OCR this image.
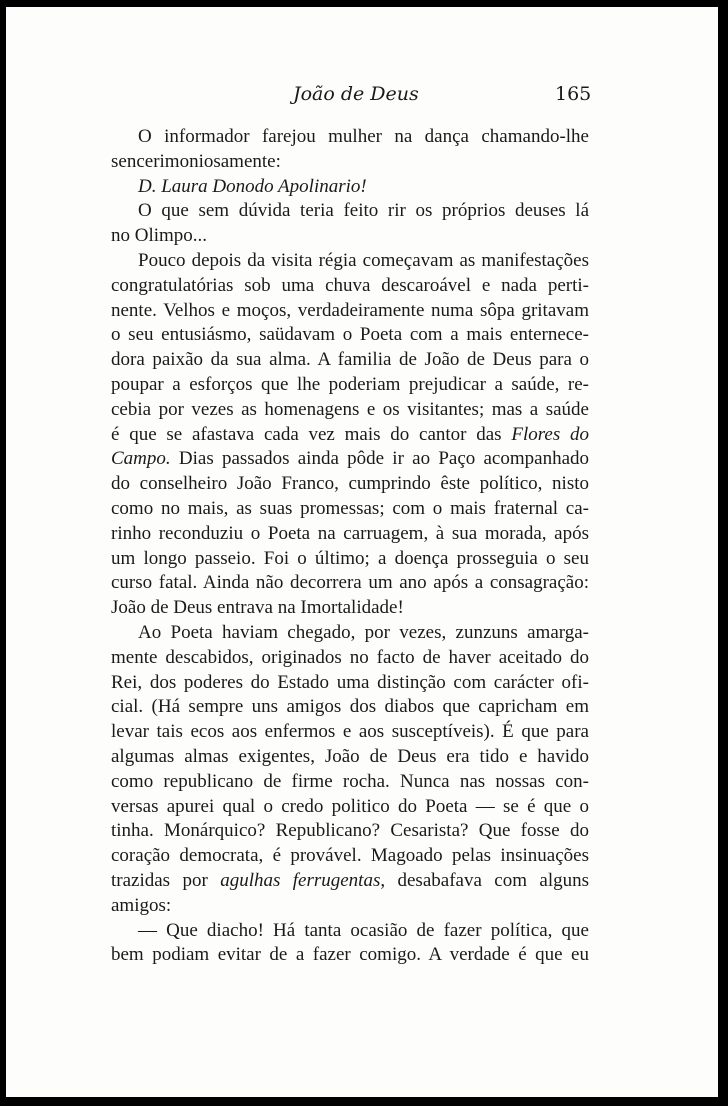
João de Deus	165
O informador farejou mulher na dança chamando-lhe
sencerimoniosamente:
D. Laura Donodo Apolinario!
O que sem dúvida teria feito rir os próprios deuses lá
no Olimpo...
Pouco depois da visita régia começavam as manifestações
congratulatórias sob uma chuva descaroável e nada perti-
nente. Velhos e moços, verdadeiramente numa sôpa gritavam
o seu entusiásmo, saüdavam o Poeta com a mais enternece-
dora paixão da sua alma. A familia de João de Deus para o
poupar a esforços que lhe poderiam prejudicar a saúde, re-
cebia por vezes as homenagens e os visitantes; mas a saúde
é que se afastava cada vez mais do cantor das Flores do
Campo. Dias passados ainda pôde ir ao Paço acompanhado
do conselheiro João Franco, cumprindo êste político, nisto
como no mais, as suas promessas; com o mais fraternal ca-
rinho reconduziu o Poeta na carruagem, à sua morada, após
um longo passeio. Foi o último; a doença prosseguia o seu
curso fatal. Ainda não decorrera um ano após a consagração:
João de Deus entrava na Imortalidade!
Ao Poeta haviam chegado, por vezes, zunzuns amarga-
mente descabidos, originados no facto de haver aceitado do
Rei, dos poderes do Estado uma distinção com carácter ofi-
cial. (Há sempre uns amigos dos diabos que capricham em
levar tais ecos aos enfermos e aos susceptíveis). É que para
algumas almas exigentes, João de Deus era tido e havido
como republicano de firme rocha. Nunca nas nossas con-
versas apurei qual o credo politico do Poeta — se é que o
tinha. Monárquico? Republicano? Cesarista? Que fosse do
coração democrata, é provável. Magoado pelas insinuações
trazidas por agulhas ferrugentas, desabafava com alguns
amigos:
— Que diacho! Há tanta ocasião de fazer política, que
bem podiam evitar de a fazer comigo. A verdade é que eu
